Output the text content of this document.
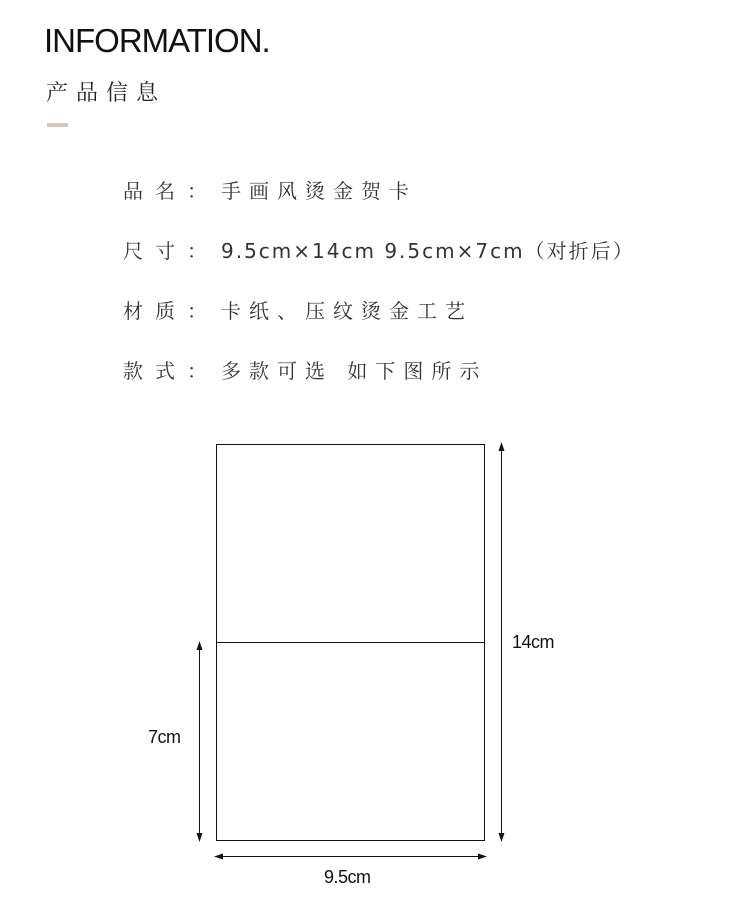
INFORMATION.
产品信息
品名： 手画风烫金贺卡
尺寸： 9.5cm×14cm 9.5cm×7cm（对折后）
材质： 卡纸、压纹烫金工艺
款式： 多款可选 如下图所示
14cm
7cm
9.5cm
